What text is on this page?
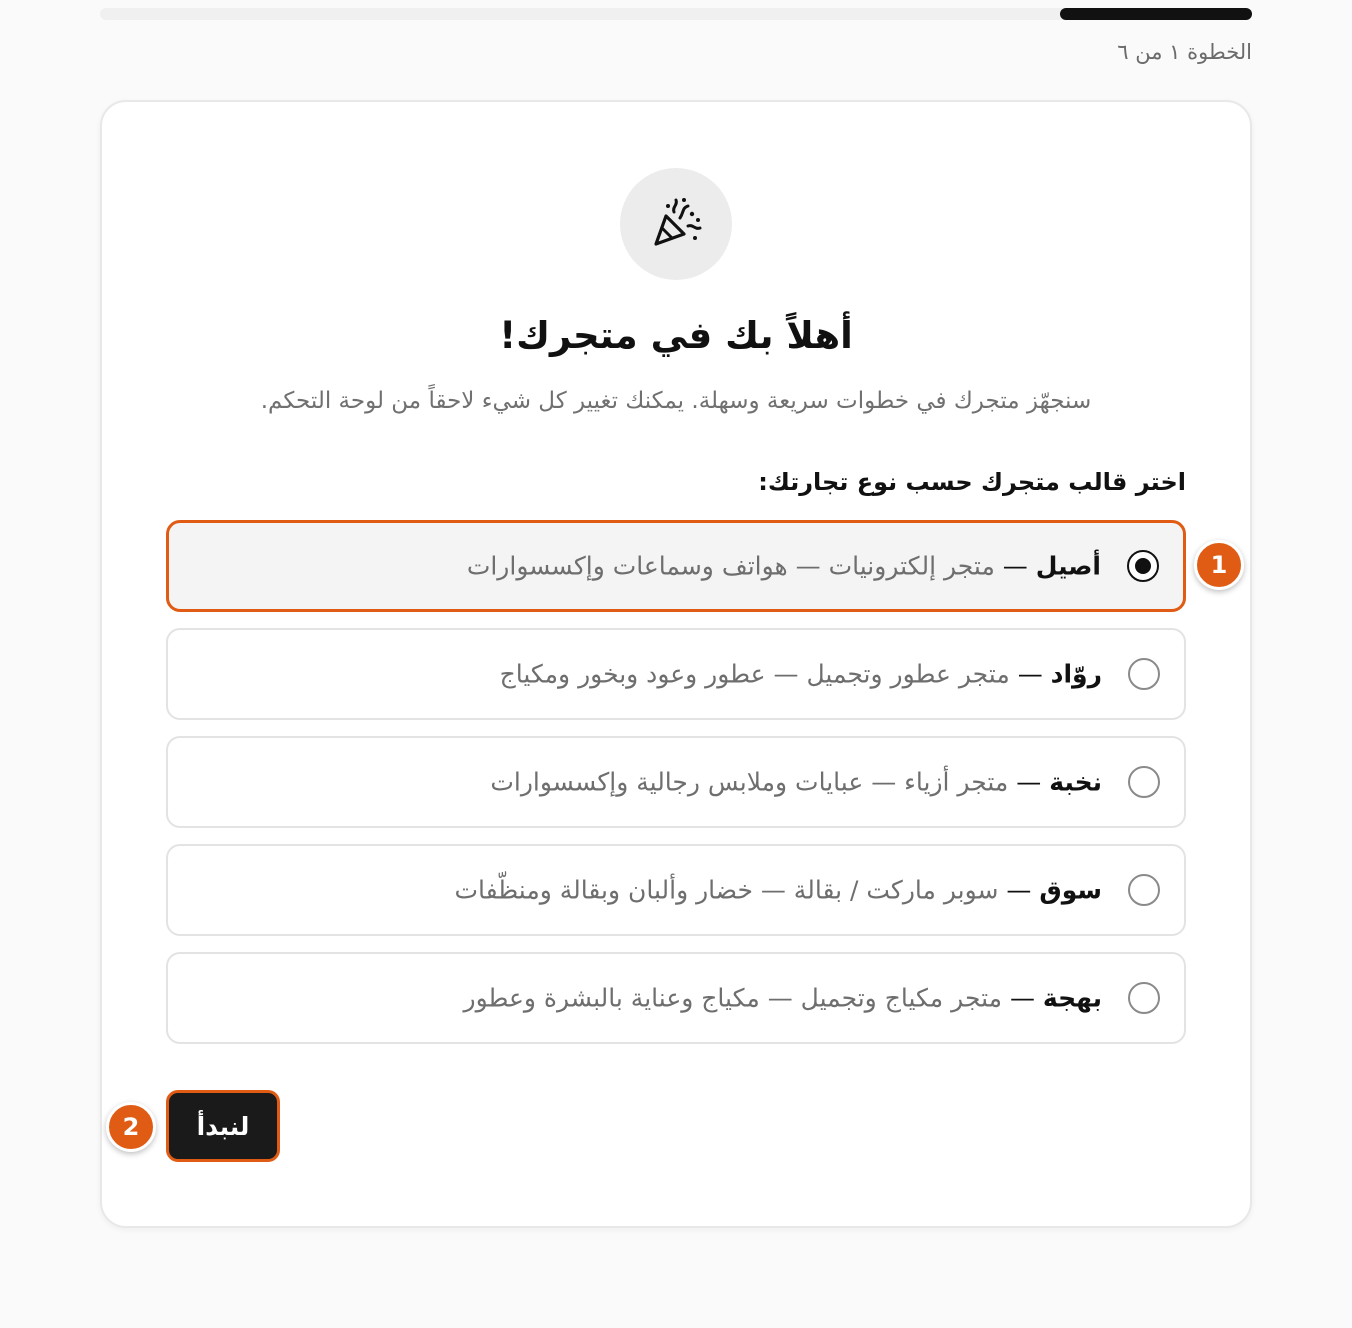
الخطوة ١ من ٦
أهلاً بك في متجرك!

سنجهّز متجرك في خطوات سريعة وسهلة. يمكنك تغيير كل شيء لاحقاً من لوحة التحكم.

اختر قالب متجرك حسب نوع تجارتك:
أصيل — متجر إلكترونيات — هواتف وسماعات وإكسسوارات
روّاد — متجر عطور وتجميل — عطور وعود وبخور ومكياج
نخبة — متجر أزياء — عبايات وملابس رجالية وإكسسوارات
سوق — سوبر ماركت / بقالة — خضار وألبان وبقالة ومنظّفات
بهجة — متجر مكياج وتجميل — مكياج وعناية بالبشرة وعطور
لنبدأ
1
2
